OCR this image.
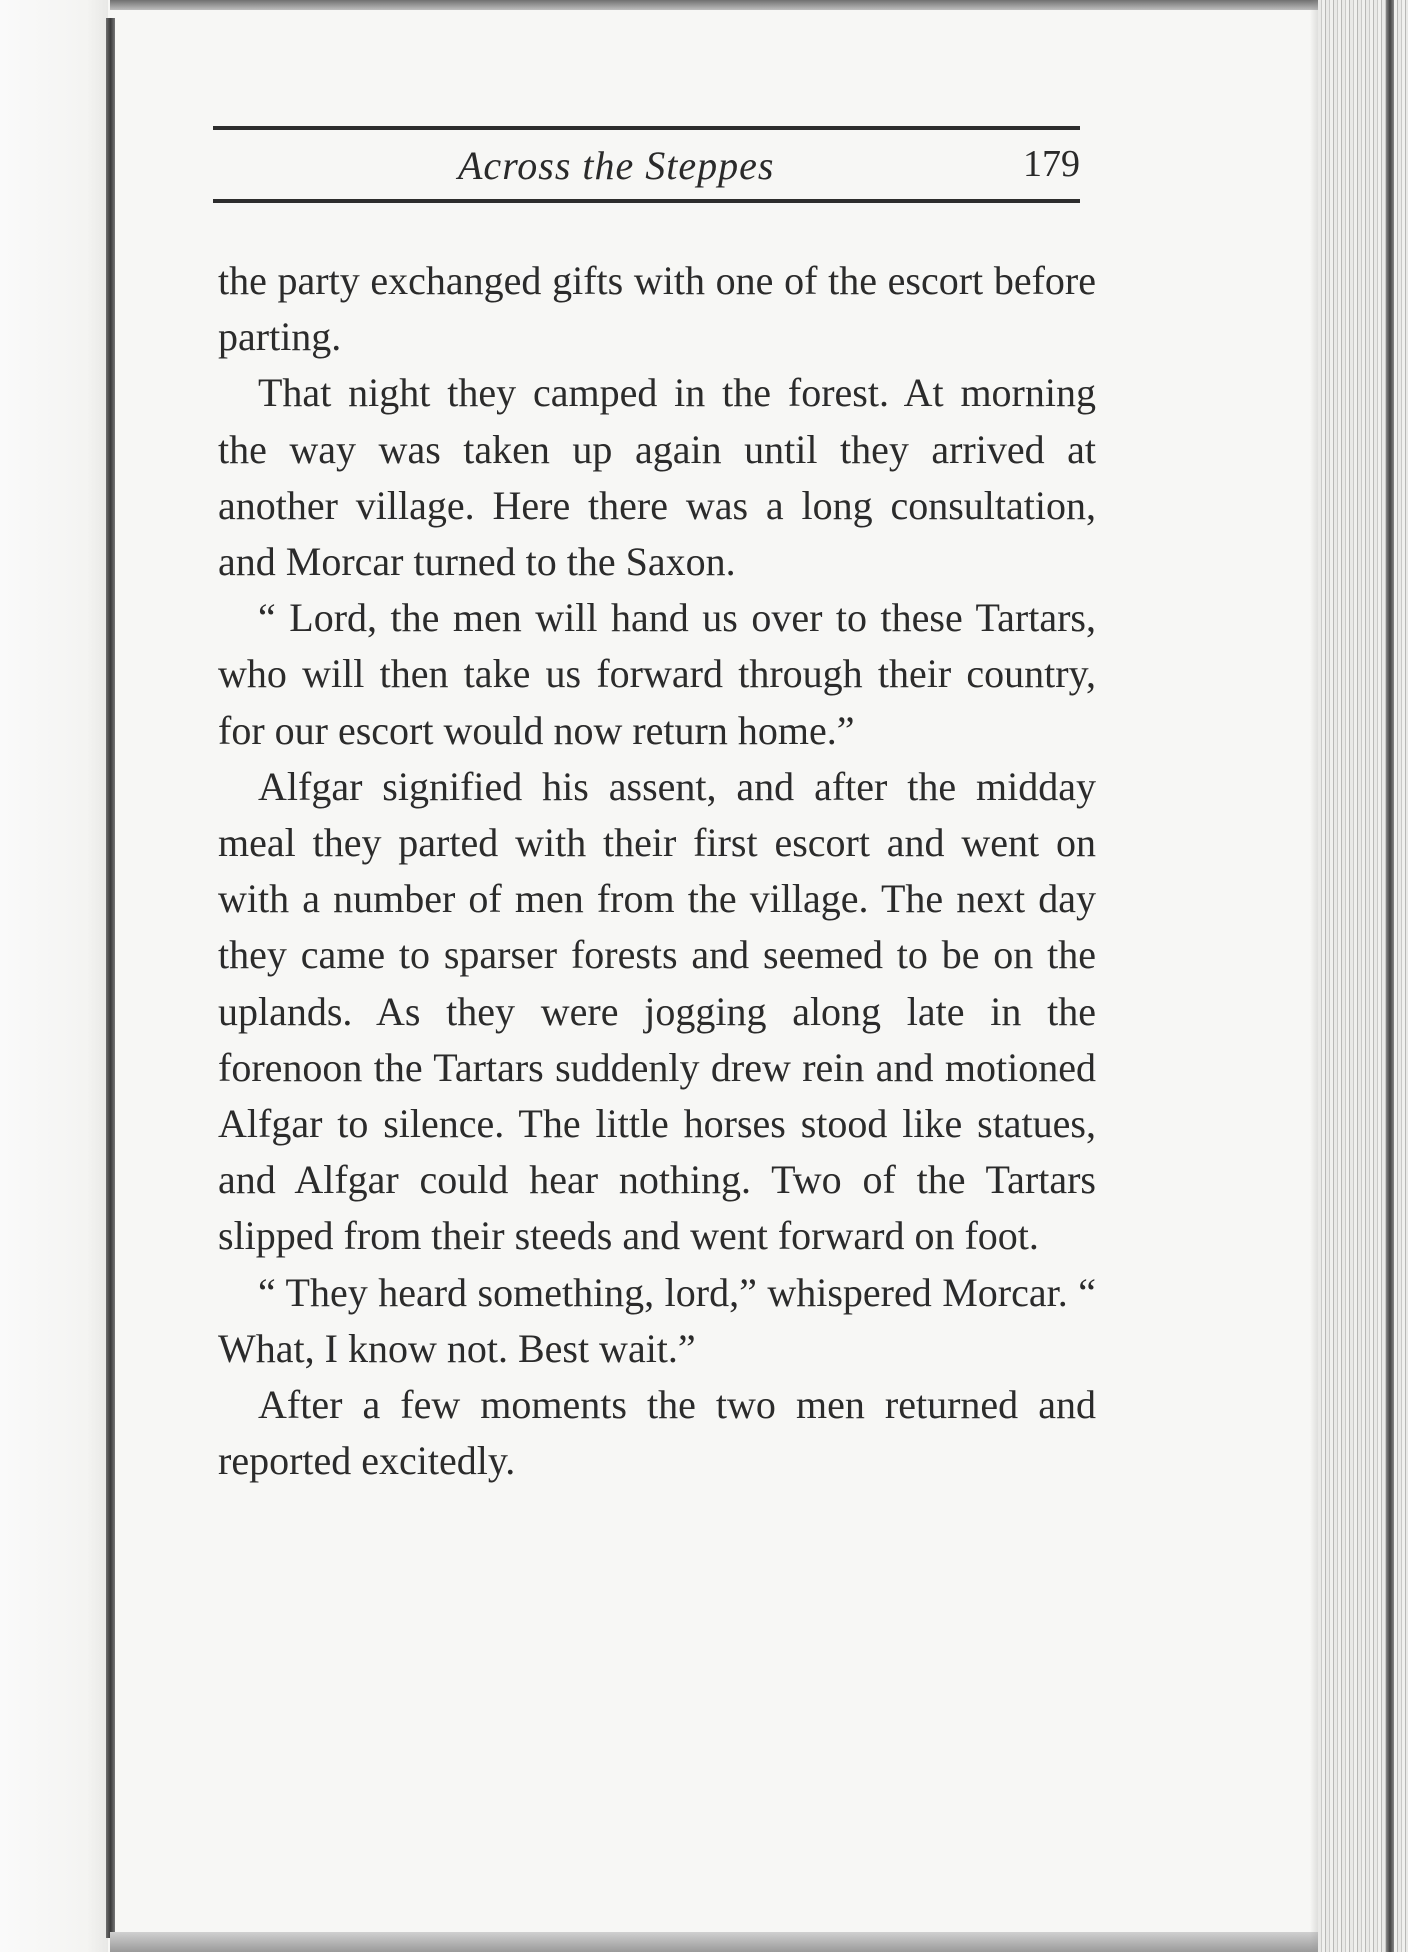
Across the Steppes	179

the party exchanged gifts with one of the escort before parting.

That night they camped in the forest. At morning the way was taken up again until they arrived at another village. Here there was a long consultation, and Morcar turned to the Saxon.

“ Lord, the men will hand us over to these Tartars, who will then take us forward through their country, for our escort would now return home.”

Alfgar signified his assent, and after the midday meal they parted with their first escort and went on with a number of men from the village. The next day they came to sparser forests and seemed to be on the uplands. As they were jogging along late in the forenoon the Tartars suddenly drew rein and motioned Alfgar to silence. The little horses stood like statues, and Alfgar could hear nothing. Two of the Tartars slipped from their steeds and went forward on foot.

“ They heard something, lord,” whispered Morcar. “ What, I know not. Best wait.”

After a few moments the two men returned and reported excitedly.
